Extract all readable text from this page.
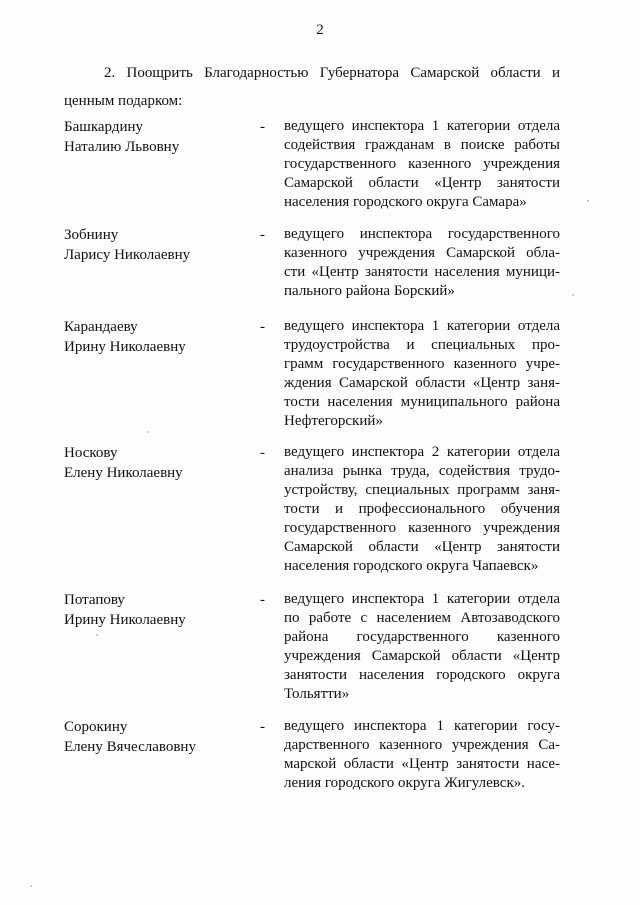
2
2. Поощрить Благодарностью Губернатора Самарской области и
ценным подарком:
Башкардину
Наталию Львовну
- ведущего инспектора 1 категории отдела
содействия гражданам в поиске работы
государственного казенного учреждения
Самарской области «Центр занятости
населения городского округа Самара»
Зобнину
Ларису Николаевну
- ведущего инспектора государственного
казенного учреждения Самарской обла-
сти «Центр занятости населения муници-
пального района Борский»
Карандаеву
Ирину Николаевну
- ведущего инспектора 1 категории отдела
трудоустройства и специальных про-
грамм государственного казенного учре-
ждения Самарской области «Центр заня-
тости населения муниципального района
Нефтегорский»
Носкову
Елену Николаевну
- ведущего инспектора 2 категории отдела
анализа рынка труда, содействия трудо-
устройству, специальных программ заня-
тости и профессионального обучения
государственного казенного учреждения
Самарской области «Центр занятости
населения городского округа Чапаевск»
Потапову
Ирину Николаевну
- ведущего инспектора 1 категории отдела
по работе с населением Автозаводского
района государственного казенного
учреждения Самарской области «Центр
занятости населения городского округа
Тольятти»
Сорокину
Елену Вячеславовну
- ведущего инспектора 1 категории госу-
дарственного казенного учреждения Са-
марской области «Центр занятости насе-
ления городского округа Жигулевск».
